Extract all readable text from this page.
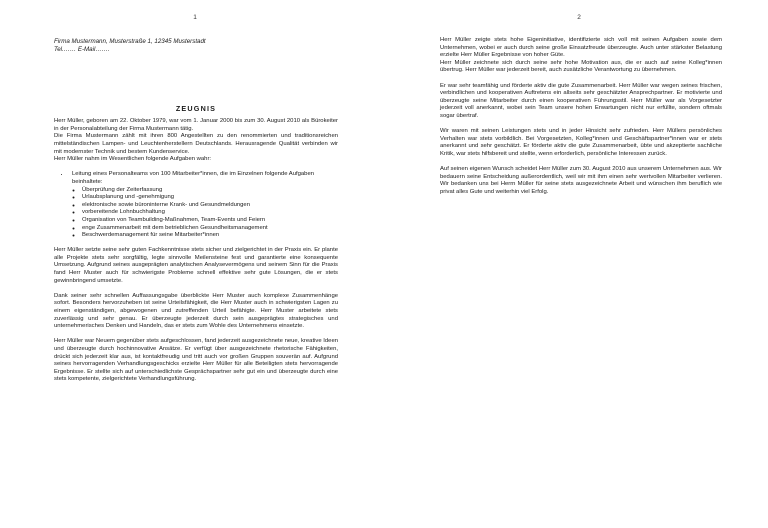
1
Firma Mustermann, Musterstraße 1, 12345 Musterstadt
Tel.…… E-Mail…….
ZEUGNIS

Herr Müller, geboren am 22. Oktober 1979, war vom 1. Januar 2000 bis zum 30. August 2010 als Bürokeiter in der Personalabteilung der Firma Mustermann tätig.
Die Firma Mustermann zählt mit ihren 800 Angestellten zu den renommierten und traditionsreichen mittelständischen Lampen- und Leuchtenherstellern Deutschlands. Herausragende Qualität verbinden wir mit modernster Technik und bestem Kundenservice.
Herr Müller nahm im Wesentlichen folgende Aufgaben wahr:

• Leitung eines Personalteams von 100 Mitarbeiter*innen, die im Einzelnen folgende Aufgaben beinhaltete:
◦ Überprüfung der Zeiterfassung
◦ Urlaubsplanung und -genehmigung
◦ elektronische sowie büroninterne Krank- und Gesundmeldungen
◦ vorbereitende Lohnbuchhaltung
◦ Organisation von Teambuilding-Maßnahmen, Team-Events und Feiern
◦ enge Zusammenarbeit mit dem betrieblichen Gesundheitsmanagement
◦ Beschwerdemanagement für seine Mitarbeiter*innen

Herr Müller setzte seine sehr guten Fachkenntnisse stets sicher und zielgerichtet in der Praxis ein. Er plante alle Projekte stets sehr sorgfältig, legte sinnvolle Meilensteine fest und garantierte eine konsequente Umsetzung. Aufgrund seines ausgeprägten analytischen Analysevermögens und seinem Sinn für die Praxis fand Herr Muster auch für schwierigste Probleme schnell effektive sehr gute Lösungen, die er stets gewinnbringend umsetzte.

Dank seiner sehr schnellen Auffassungsgabe überblickte Herr Muster auch komplexe Zusammenhänge sofort. Besonders hervorzuheben ist seine Urteilsfähigkeit, die Herr Muster auch in schwierigsten Lagen zu einem eigenständigen, abgewogenen und zutreffenden Urteil befähigte. Herr Muster arbeitete stets zuverlässig und sehr genau. Er überzeugte jederzeit durch sein ausgeprägtes strategisches und unternehmerisches Denken und Handeln, das er stets zum Wohle des Unternehmens einsetzte.

Herr Müller war Neuem gegenüber stets aufgeschlossen, fand jederzeit ausgezeichnete neue, kreative Ideen und überzeugte durch hochinnovative Ansätze. Er verfügt über ausgezeichnete rhetorische Fähigkeiten, drückt sich jederzeit klar aus, ist kontaktfreudig und tritt auch vor großen Gruppen souverän auf. Aufgrund seines hervorragenden Verhandlungsgeschicks erzielte Herr Müller für alle Beteiligten stets hervorragende Ergebnisse. Er stellte sich auf unterschiedlichste Gesprächspartner sehr gut ein und überzeugte durch eine stets kompetente, zielgerichtete Verhandlungsführung.

2

Herr Müller zeigte stets hohe Eigeninitiative, identifizierte sich voll mit seinen Aufgaben sowie dem Unternehmen, wobei er auch durch seine große Einsatzfreude überzeugte. Auch unter stärkster Belastung erzielte Herr Müller Ergebnisse von hoher Güte.
Herr Müller zeichnete sich durch seine sehr hohe Motivation aus, die er auch auf seine Kolleg*innen übertrug. Herr Müller war jederzeit bereit, auch zusätzliche Verantwortung zu übernehmen.

Er war sehr teamfähig und förderte aktiv die gute Zusammenarbeit. Herr Müller war wegen seines frischen, verbindlichen und kooperativen Auftretens ein allseits sehr geschätzter Ansprechpartner. Er motivierte und überzeugte seine Mitarbeiter durch einen kooperativen Führungsstil. Herr Müller war als Vorgesetzter jederzeit voll anerkannt, wobei sein Team unsere hohen Erwartungen nicht nur erfüllte, sondern oftmals sogar übertraf.

Wir waren mit seinen Leistungen stets und in jeder Hinsicht sehr zufrieden. Herr Müllers persönliches Verhalten war stets vorbildlich. Bei Vorgesetzten, Kolleg*innen und Geschäftspartner*innen war er stets anerkannt und sehr geschätzt. Er förderte aktiv die gute Zusammenarbeit, übte und akzeptierte sachliche Kritik, war stets hilfsbereit und stellte, wenn erforderlich, persönliche Interessen zurück.

Auf seinen eigenen Wunsch scheidet Herr Müller zum 30. August 2010 aus unserem Unternehmen aus. Wir bedauern seine Entscheidung außerordentlich, weil wir mit ihm einen sehr wertvollen Mitarbeiter verlieren. Wir bedanken uns bei Herrn Müller für seine stets ausgezeichnete Arbeit und wünschen ihm beruflich wie privat alles Gute und weiterhin viel Erfolg.
